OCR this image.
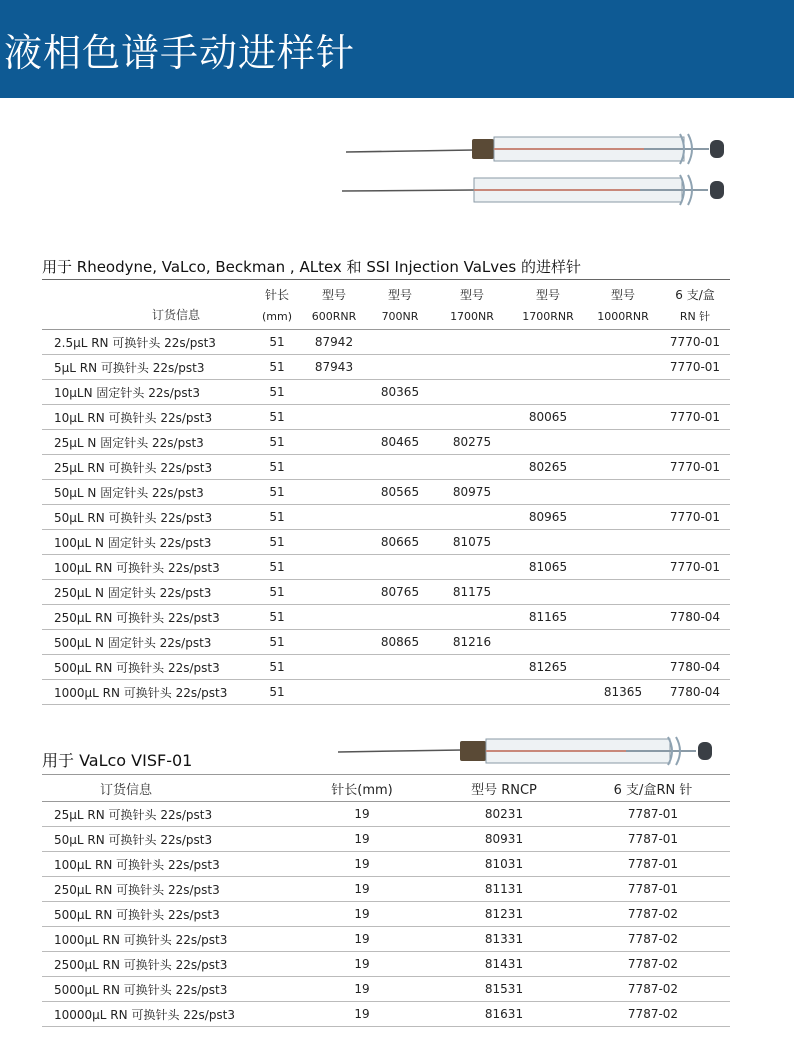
液相色谱手动进样针
用于 Rheodyne, VaLco, Beckman , ALtex 和 SSI Injection VaLves 的进样针
订货信息	针长	型号	型号	型号	型号	型号	6 支/盒
	(mm)	600RNR	700NR	1700NR	1700RNR	1000RNR	RN 针
2.5μL RN 可换针头 22s/pst3	51	87942					7770-01
5μL RN 可换针头 22s/pst3	51	87943					7770-01
10μLN 固定针头 22s/pst3	51		80365				
10μL RN 可换针头 22s/pst3	51				80065		7770-01
25μL N 固定针头 22s/pst3	51		80465	80275			
25μL RN 可换针头 22s/pst3	51				80265		7770-01
50μL N 固定针头 22s/pst3	51		80565	80975			
50μL RN 可换针头 22s/pst3	51				80965		7770-01
100μL N 固定针头 22s/pst3	51		80665	81075			
100μL RN 可换针头 22s/pst3	51				81065		7770-01
250μL N 固定针头 22s/pst3	51		80765	81175			
250μL RN 可换针头 22s/pst3	51				81165		7780-04
500μL N 固定针头 22s/pst3	51		80865	81216			
500μL RN 可换针头 22s/pst3	51				81265		7780-04
1000μL RN 可换针头 22s/pst3	51					81365	7780-04
用于 VaLco VISF-01
订货信息	针长(mm)	型号 RNCP	6 支/盒RN 针
25μL RN 可换针头 22s/pst3	19	80231	7787-01
50μL RN 可换针头 22s/pst3	19	80931	7787-01
100μL RN 可换针头 22s/pst3	19	81031	7787-01
250μL RN 可换针头 22s/pst3	19	81131	7787-01
500μL RN 可换针头 22s/pst3	19	81231	7787-02
1000μL RN 可换针头 22s/pst3	19	81331	7787-02
2500μL RN 可换针头 22s/pst3	19	81431	7787-02
5000μL RN 可换针头 22s/pst3	19	81531	7787-02
10000μL RN 可换针头 22s/pst3	19	81631	7787-02
